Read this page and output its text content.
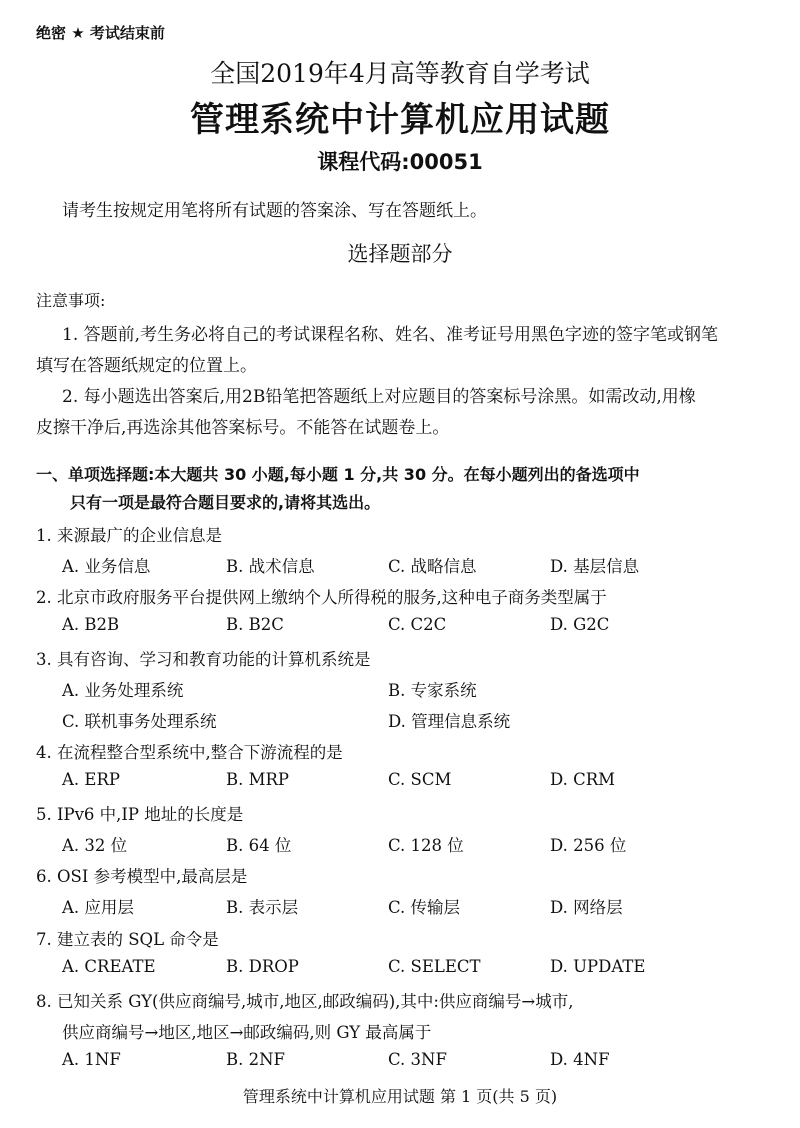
绝密 ★ 考试结束前
全国2019年4月高等教育自学考试
管理系统中计算机应用试题
课程代码:00051
请考生按规定用笔将所有试题的答案涂、写在答题纸上。
选择题部分
注意事项:
1. 答题前,考生务必将自己的考试课程名称、姓名、准考证号用黑色字迹的签字笔或钢笔
填写在答题纸规定的位置上。
2. 每小题选出答案后,用2B铅笔把答题纸上对应题目的答案标号涂黑。如需改动,用橡
皮擦干净后,再选涂其他答案标号。不能答在试题卷上。
一、单项选择题:本大题共 30 小题,每小题 1 分,共 30 分。在每小题列出的备选项中
只有一项是最符合题目要求的,请将其选出。
1. 来源最广的企业信息是
A. 业务信息	B. 战术信息	C. 战略信息	D. 基层信息
2. 北京市政府服务平台提供网上缴纳个人所得税的服务,这种电子商务类型属于
A. B2B	B. B2C	C. C2C	D. G2C
3. 具有咨询、学习和教育功能的计算机系统是
A. 业务处理系统	B. 专家系统
C. 联机事务处理系统	D. 管理信息系统
4. 在流程整合型系统中,整合下游流程的是
A. ERP	B. MRP	C. SCM	D. CRM
5. IPv6 中,IP 地址的长度是
A. 32 位	B. 64 位	C. 128 位	D. 256 位
6. OSI 参考模型中,最高层是
A. 应用层	B. 表示层	C. 传输层	D. 网络层
7. 建立表的 SQL 命令是
A. CREATE	B. DROP	C. SELECT	D. UPDATE
8. 已知关系 GY(供应商编号,城市,地区,邮政编码),其中:供应商编号→城市,
供应商编号→地区,地区→邮政编码,则 GY 最高属于
A. 1NF	B. 2NF	C. 3NF	D. 4NF
管理系统中计算机应用试题 第 1 页(共 5 页)
